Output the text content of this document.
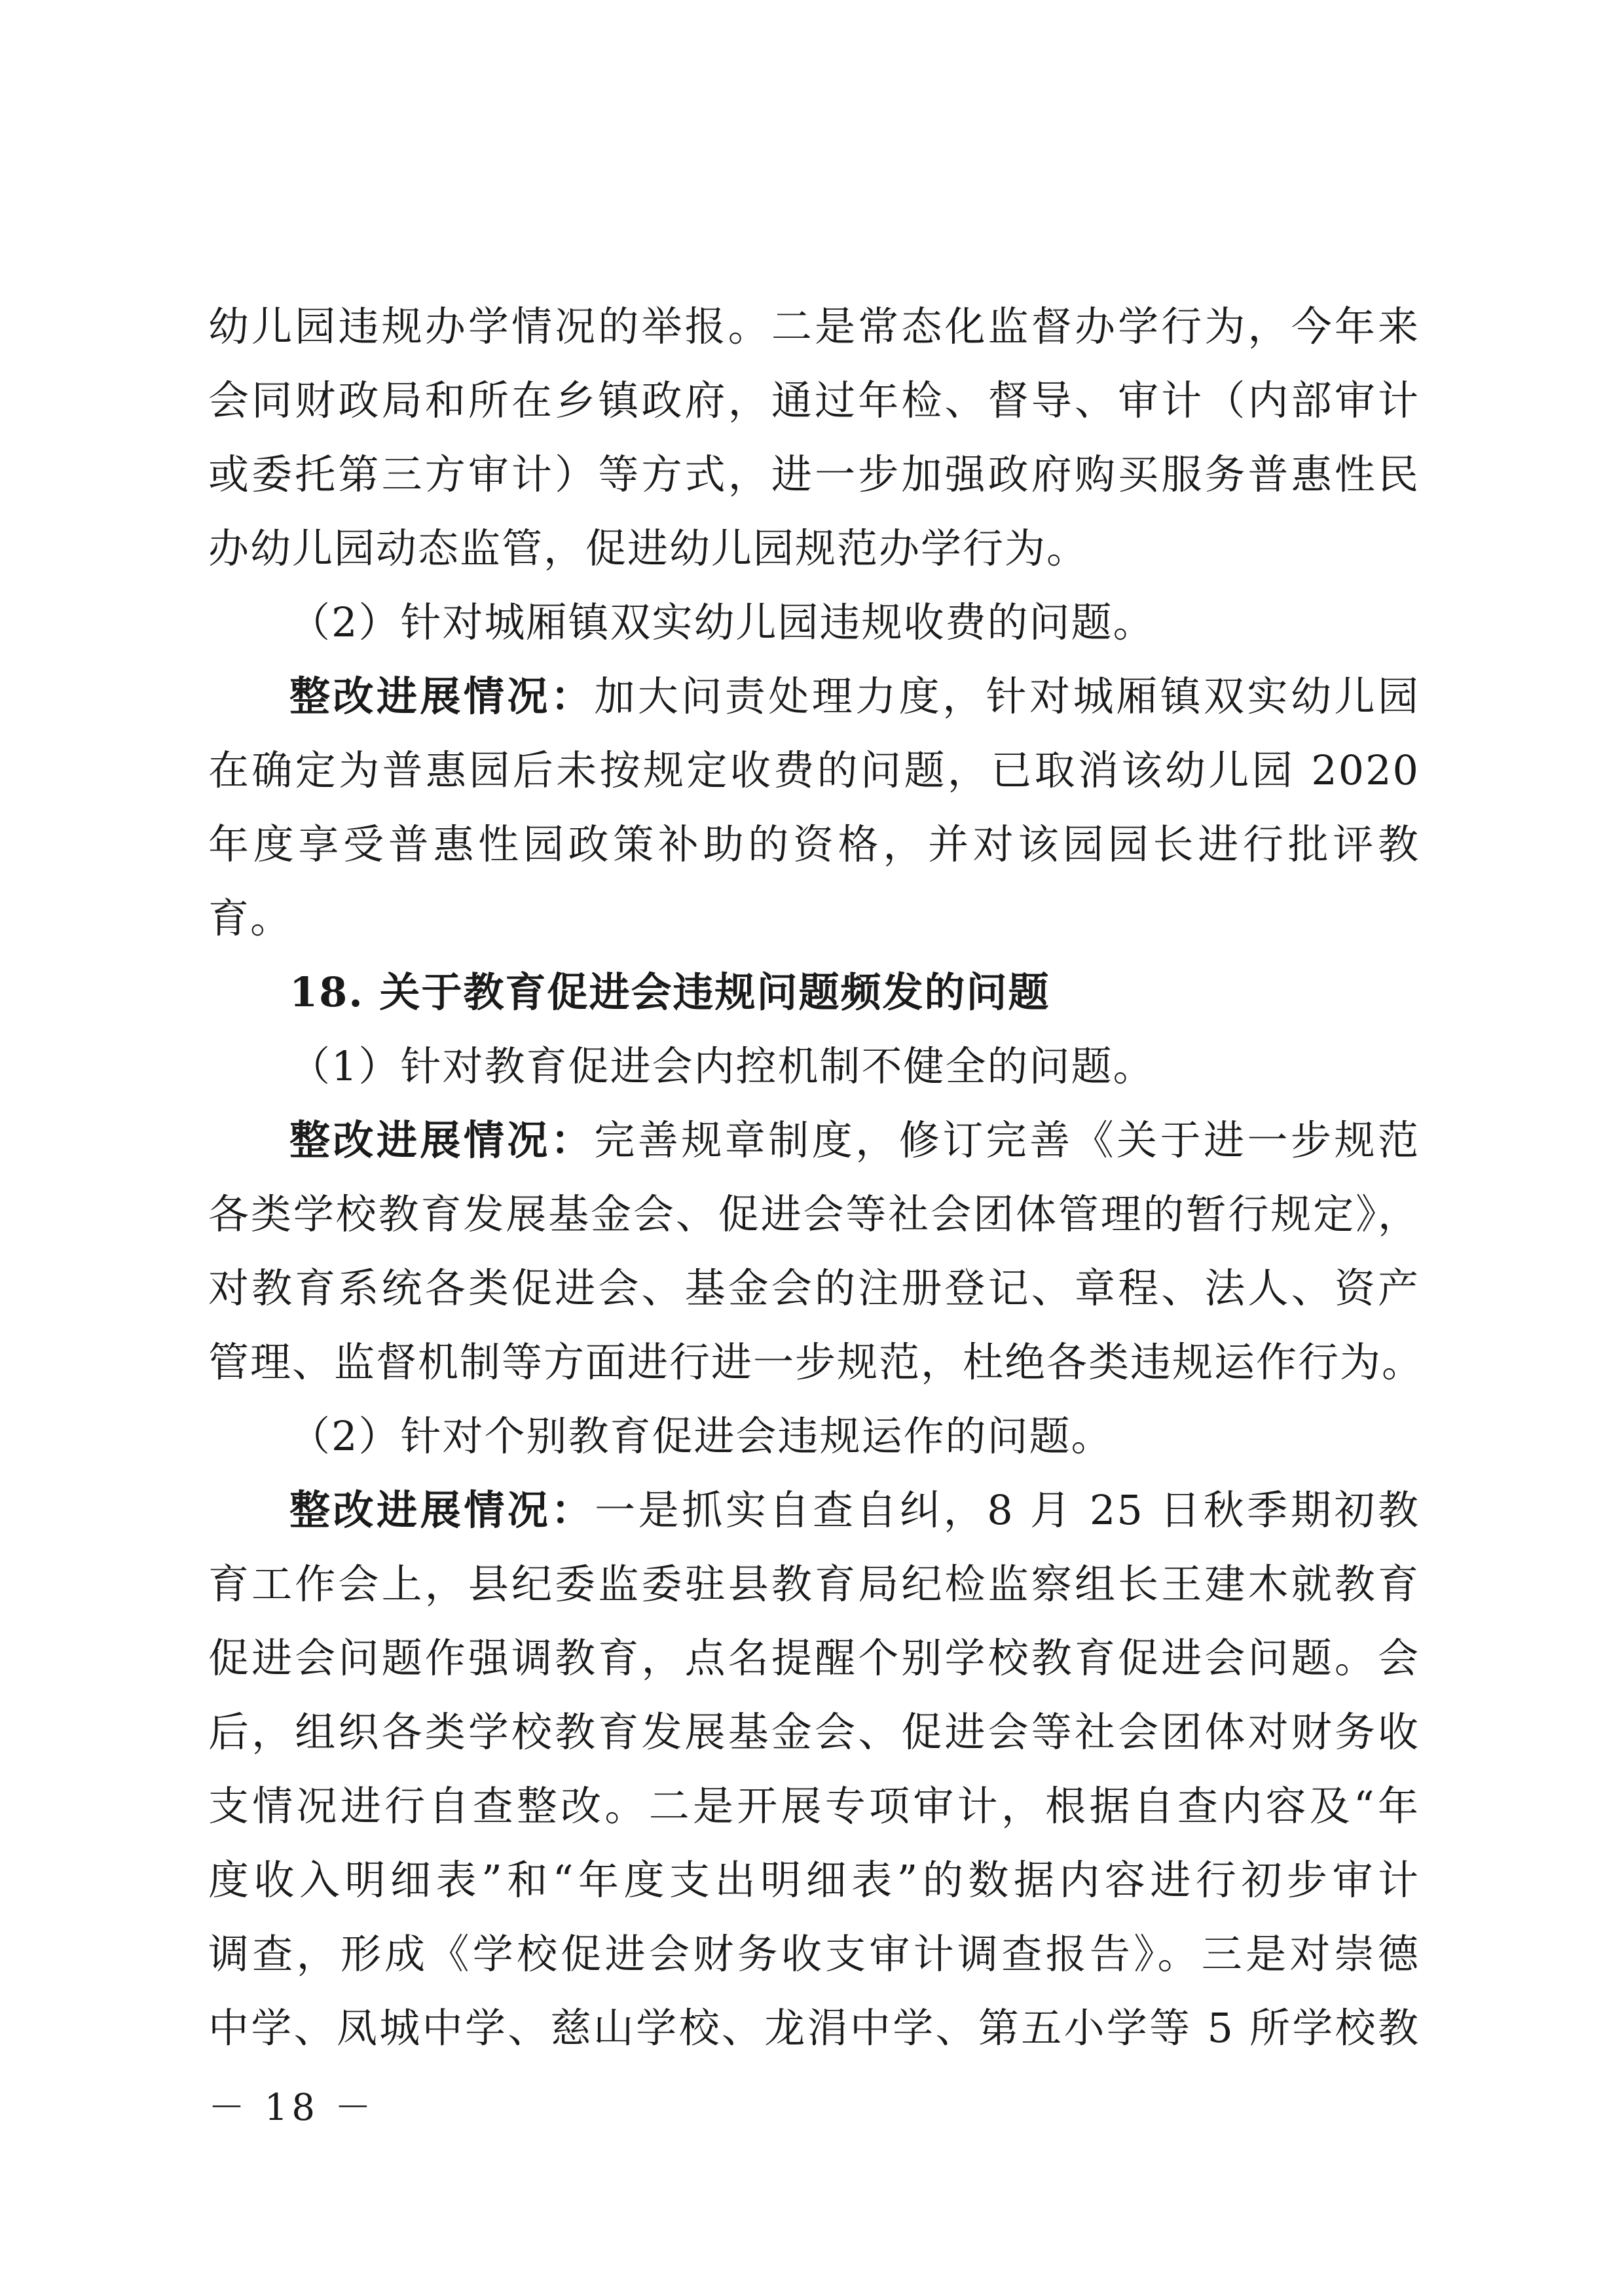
幼儿园违规办学情况的举报。二是常态化监督办学行为，今年来
会同财政局和所在乡镇政府，通过年检、督导、审计（内部审计
或委托第三方审计）等方式，进一步加强政府购买服务普惠性民
办幼儿园动态监管，促进幼儿园规范办学行为。
（2）针对城厢镇双实幼儿园违规收费的问题。
整改进展情况：加大问责处理力度，针对城厢镇双实幼儿园
在确定为普惠园后未按规定收费的问题，已取消该幼儿园 2020
年度享受普惠性园政策补助的资格，并对该园园长进行批评教
育。
18. 关于教育促进会违规问题频发的问题
（1）针对教育促进会内控机制不健全的问题。
整改进展情况：完善规章制度，修订完善《关于进一步规范
各类学校教育发展基金会、促进会等社会团体管理的暂行规定》，
对教育系统各类促进会、基金会的注册登记、章程、法人、资产
管理、监督机制等方面进行进一步规范，杜绝各类违规运作行为。
（2）针对个别教育促进会违规运作的问题。
整改进展情况：一是抓实自查自纠，8 月 25 日秋季期初教
育工作会上，县纪委监委驻县教育局纪检监察组长王建木就教育
促进会问题作强调教育，点名提醒个别学校教育促进会问题。会
后，组织各类学校教育发展基金会、促进会等社会团体对财务收
支情况进行自查整改。二是开展专项审计，根据自查内容及“年
度收入明细表”和“年度支出明细表”的数据内容进行初步审计
调查，形成《学校促进会财务收支审计调查报告》。三是对崇德
中学、凤城中学、慈山学校、龙涓中学、第五小学等 5 所学校教
－ 18 －
